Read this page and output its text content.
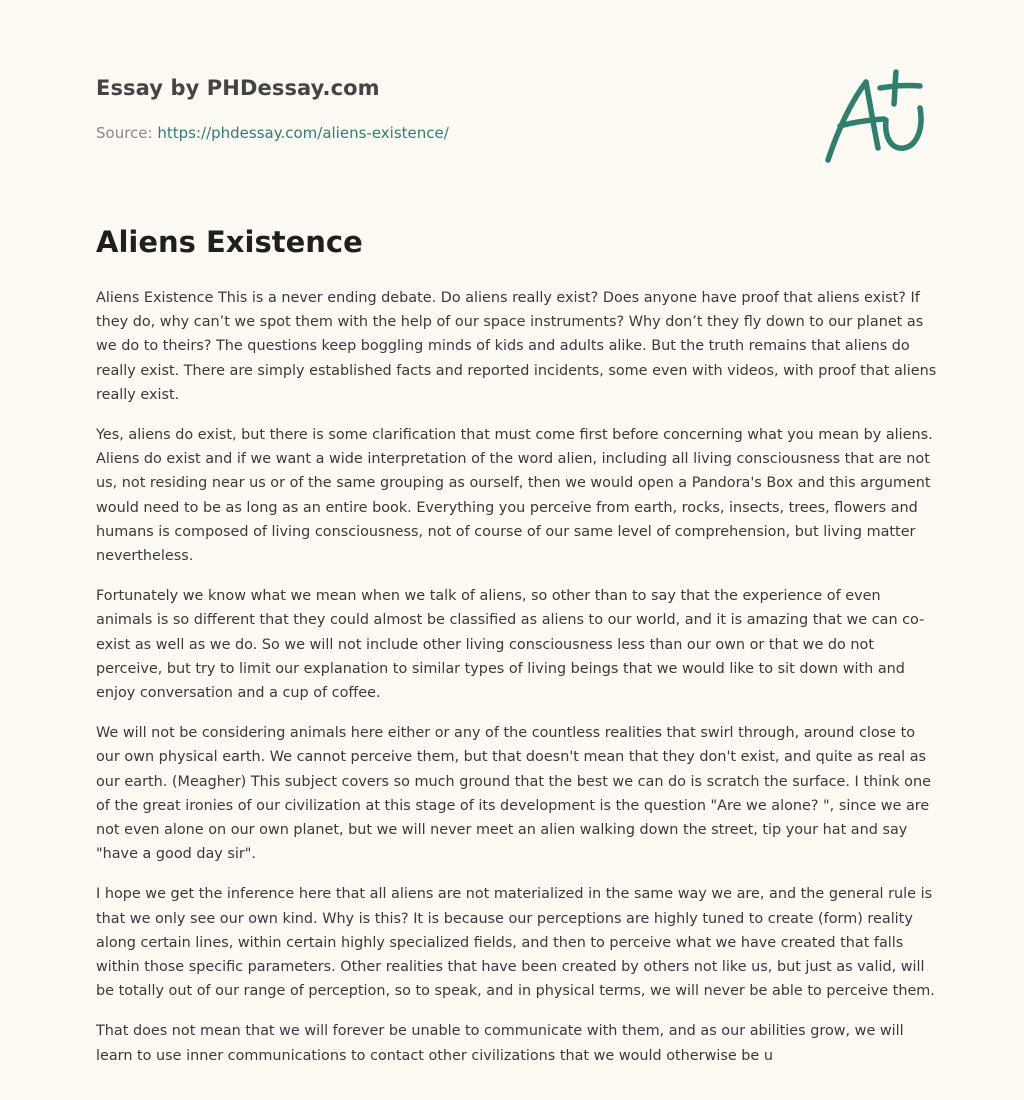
Essay by PHDessay.com
Source: https://phdessay.com/aliens-existence/
Aliens Existence

Aliens Existence This is a never ending debate. Do aliens really exist? Does anyone have proof that aliens exist? If they do, why can’t we spot them with the help of our space instruments? Why don’t they fly down to our planet as we do to theirs? The questions keep boggling minds of kids and adults alike. But the truth remains that aliens do really exist. There are simply established facts and reported incidents, some even with videos, with proof that aliens really exist.

Yes, aliens do exist, but there is some clarification that must come first before concerning what you mean by aliens. Aliens do exist and if we want a wide interpretation of the word alien, including all living consciousness that are not us, not residing near us or of the same grouping as ourself, then we would open a Pandora's Box and this argument would need to be as long as an entire book. Everything you perceive from earth, rocks, insects, trees, flowers and humans is composed of living consciousness, not of course of our same level of comprehension, but living matter nevertheless.

Fortunately we know what we mean when we talk of aliens, so other than to say that the experience of even animals is so different that they could almost be classified as aliens to our world, and it is amazing that we can co-exist as well as we do. So we will not include other living consciousness less than our own or that we do not perceive, but try to limit our explanation to similar types of living beings that we would like to sit down with and enjoy conversation and a cup of coffee.

We will not be considering animals here either or any of the countless realities that swirl through, around close to our own physical earth. We cannot perceive them, but that doesn't mean that they don't exist, and quite as real as our earth. (Meagher) This subject covers so much ground that the best we can do is scratch the surface. I think one of the great ironies of our civilization at this stage of its development is the question "Are we alone? ", since we are not even alone on our own planet, but we will never meet an alien walking down the street, tip your hat and say "have a good day sir".

I hope we get the inference here that all aliens are not materialized in the same way we are, and the general rule is that we only see our own kind. Why is this? It is because our perceptions are highly tuned to create (form) reality along certain lines, within certain highly specialized fields, and then to perceive what we have created that falls within those specific parameters. Other realities that have been created by others not like us, but just as valid, will be totally out of our range of perception, so to speak, and in physical terms, we will never be able to perceive them.

That does not mean that we will forever be unable to communicate with them, and as our abilities grow, we will learn to use inner communications to contact other civilizations that we would otherwise be u
